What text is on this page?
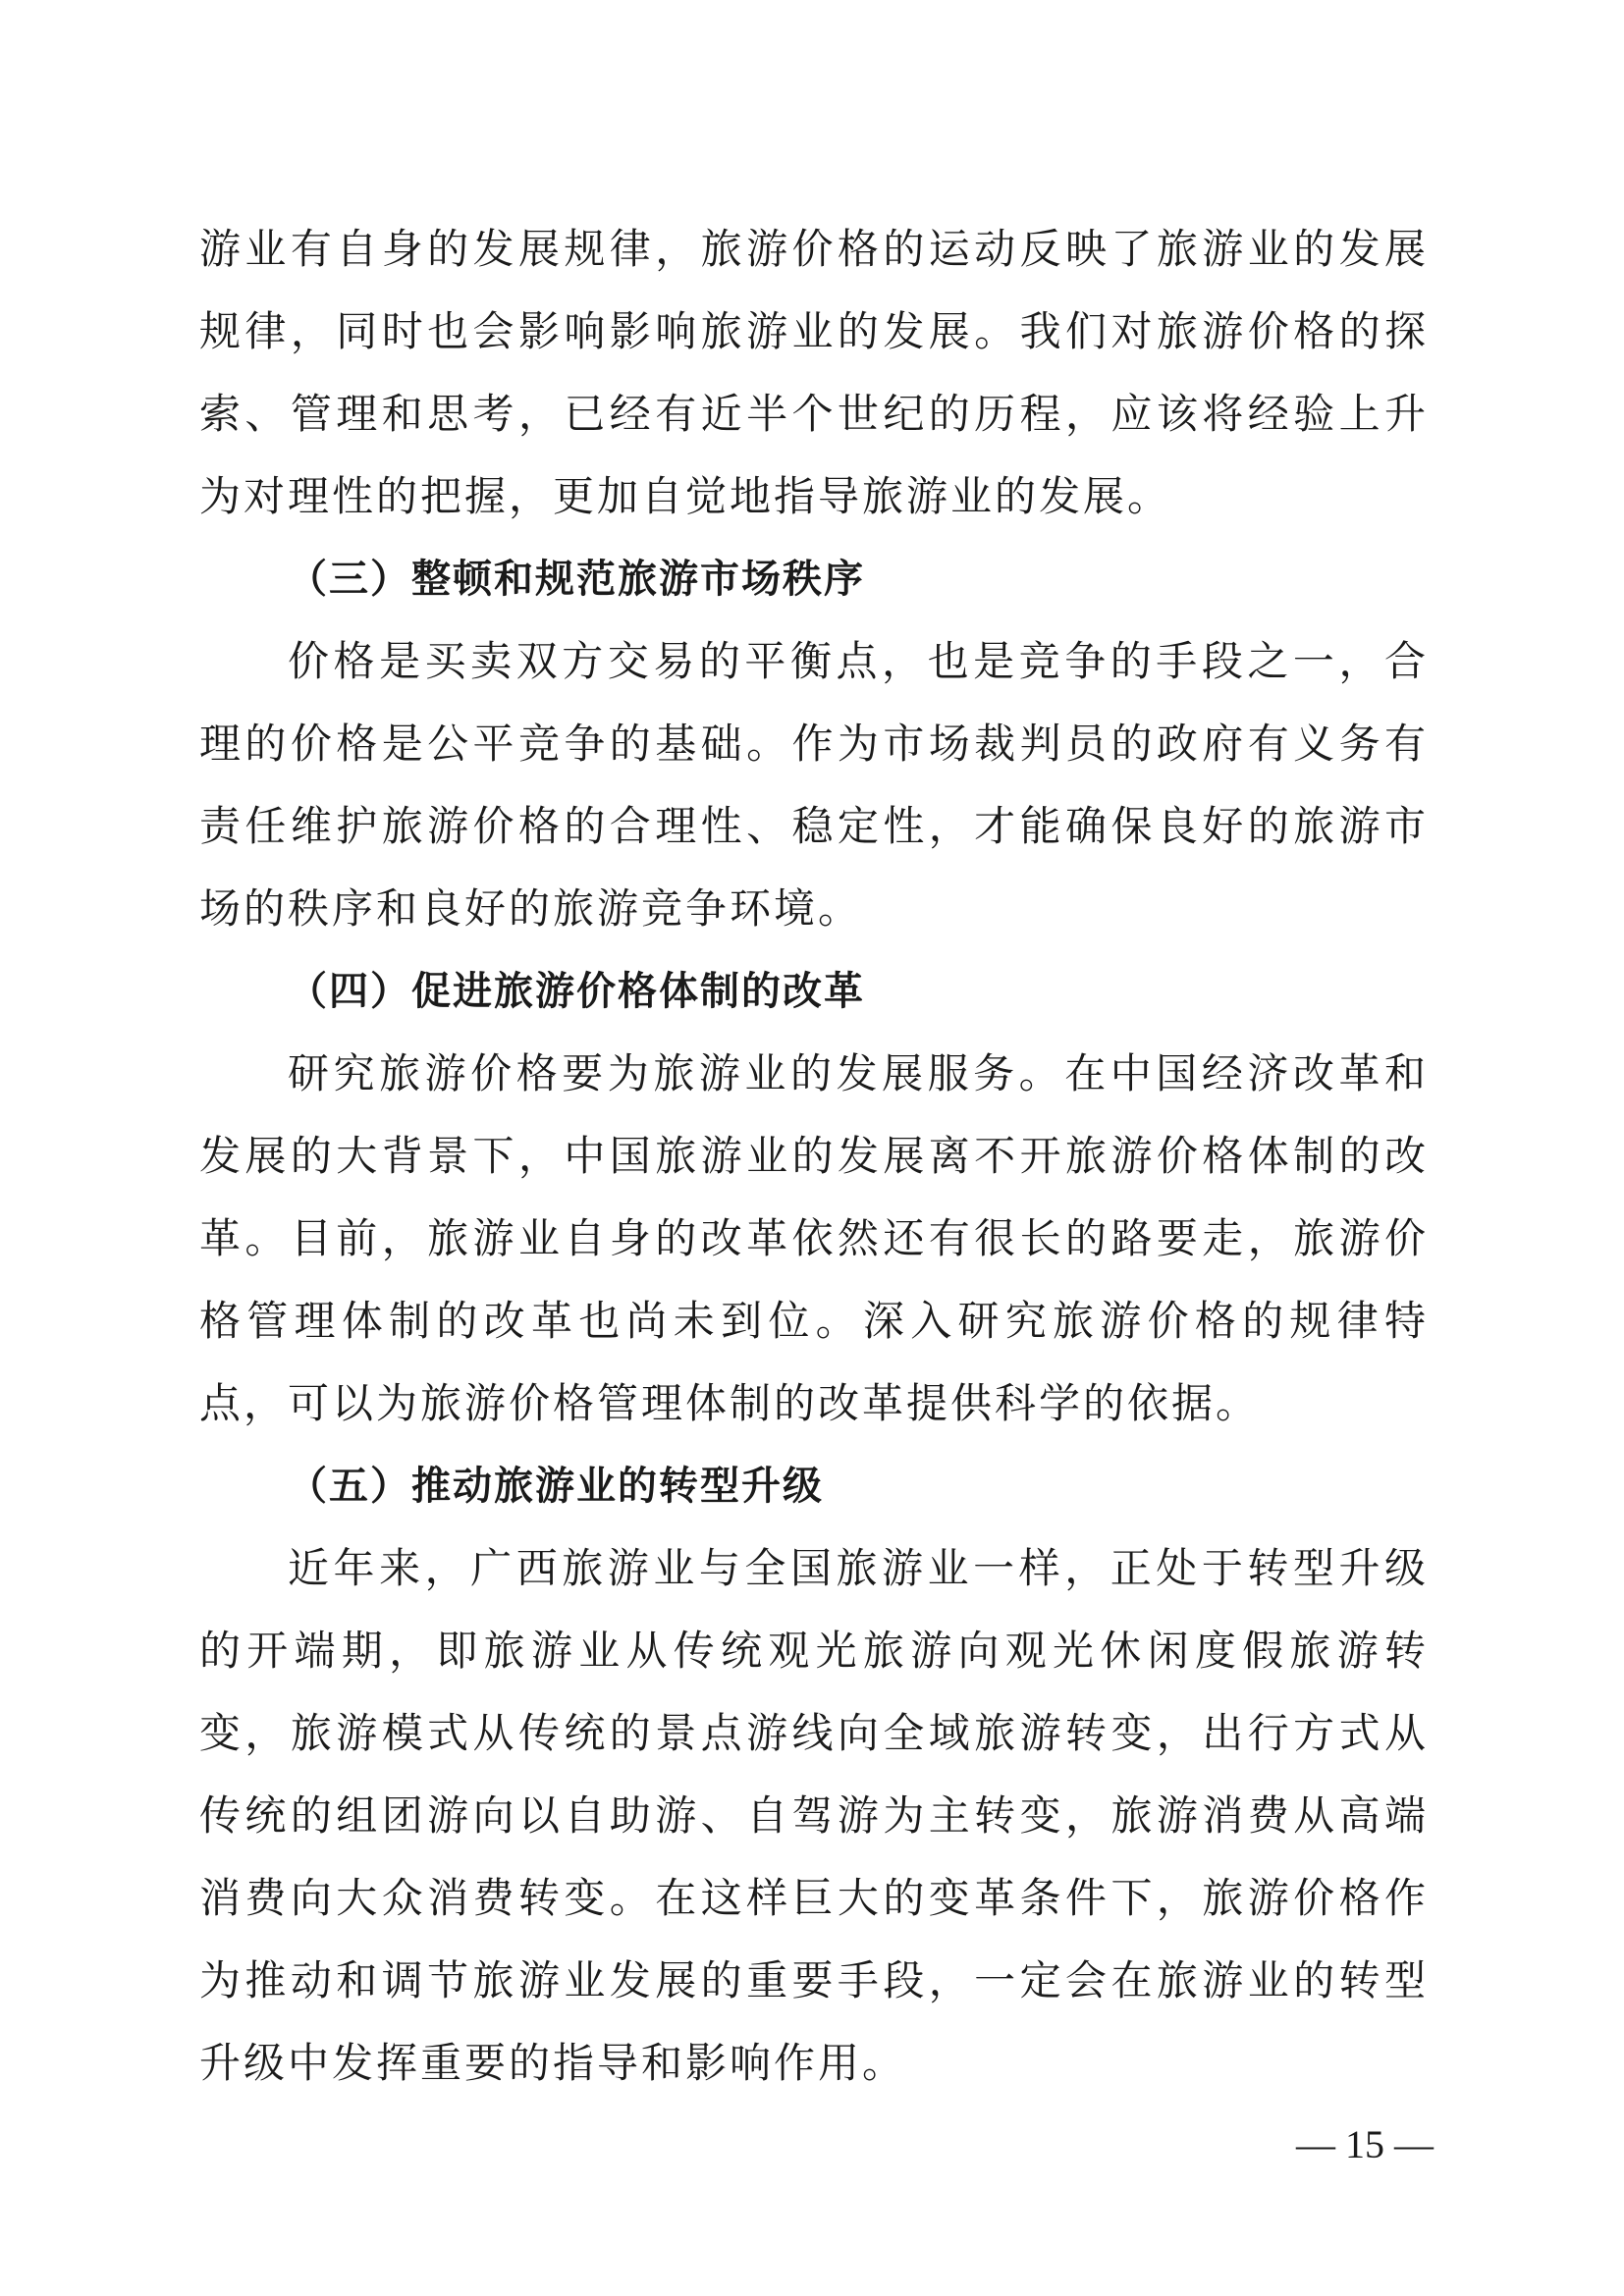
游业有自身的发展规律，旅游价格的运动反映了旅游业的发展规律，同时也会影响影响旅游业的发展。我们对旅游价格的探索、管理和思考，已经有近半个世纪的历程，应该将经验上升为对理性的把握，更加自觉地指导旅游业的发展。

（三）整顿和规范旅游市场秩序

价格是买卖双方交易的平衡点，也是竞争的手段之一，合理的价格是公平竞争的基础。作为市场裁判员的政府有义务有责任维护旅游价格的合理性、稳定性，才能确保良好的旅游市场的秩序和良好的旅游竞争环境。

（四）促进旅游价格体制的改革

研究旅游价格要为旅游业的发展服务。在中国经济改革和发展的大背景下，中国旅游业的发展离不开旅游价格体制的改革。目前，旅游业自身的改革依然还有很长的路要走，旅游价格管理体制的改革也尚未到位。深入研究旅游价格的规律特点，可以为旅游价格管理体制的改革提供科学的依据。

（五）推动旅游业的转型升级

近年来，广西旅游业与全国旅游业一样，正处于转型升级的开端期，即旅游业从传统观光旅游向观光休闲度假旅游转变，旅游模式从传统的景点游线向全域旅游转变，出行方式从传统的组团游向以自助游、自驾游为主转变，旅游消费从高端消费向大众消费转变。在这样巨大的变革条件下，旅游价格作为推动和调节旅游业发展的重要手段，一定会在旅游业的转型升级中发挥重要的指导和影响作用。

— 15 —
